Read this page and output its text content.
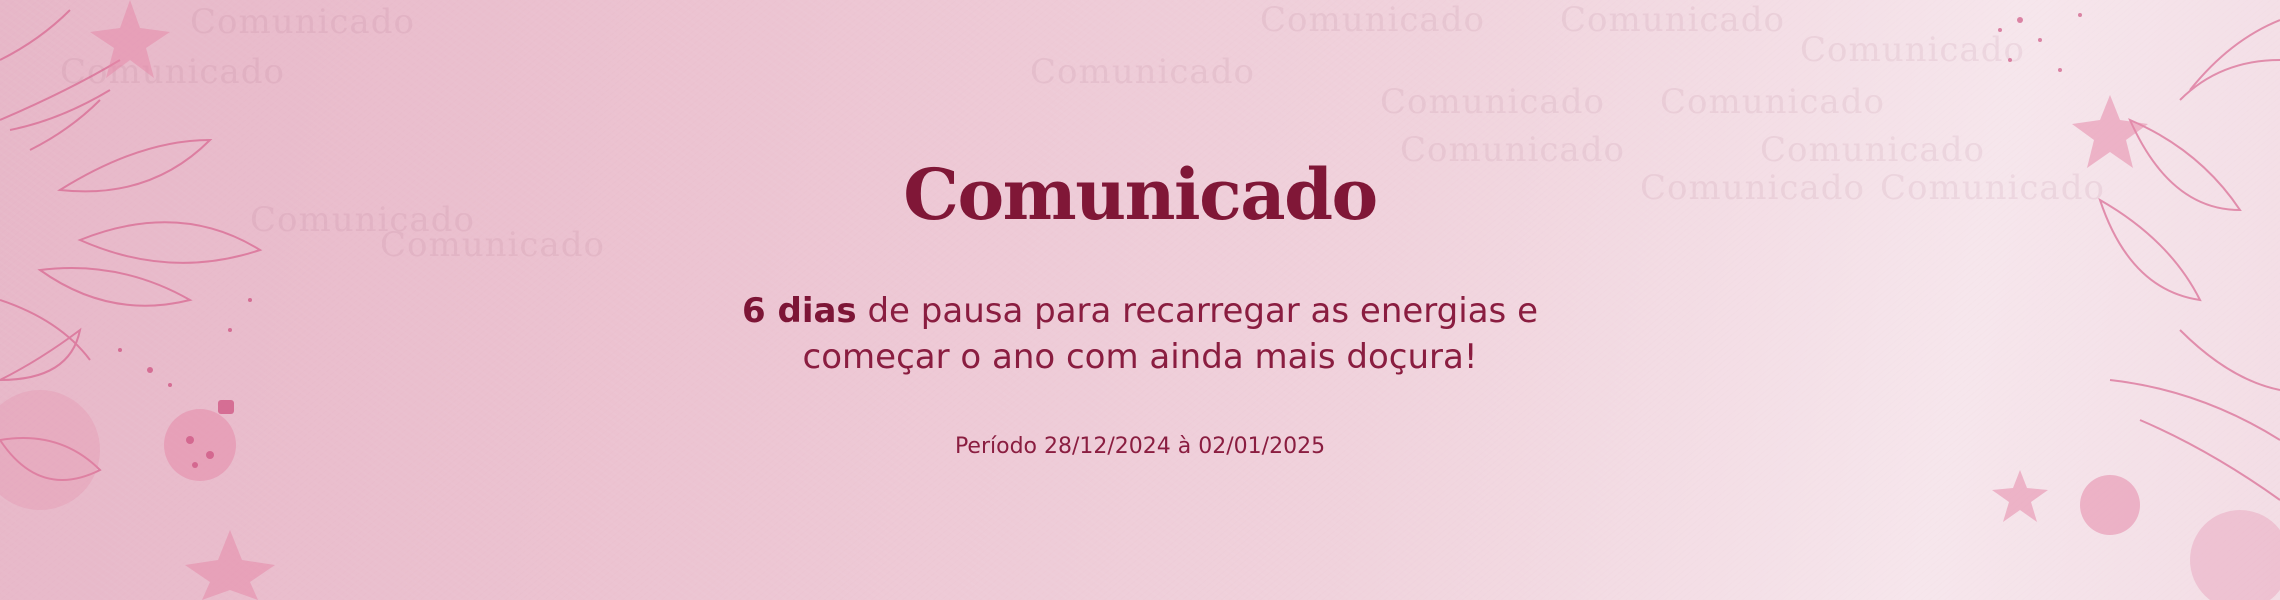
Comunicado
Comunicado
Comunicado Comunicado
Comunicado
Comunicado
Comunicado Comunicado
Comunicado	Comunicado
Comunicado Comunicado
Comunicado
Comunicado
Comunicado
6 dias de pausa para recarregar as energias e
começar o ano com ainda mais doçura!
Período 28/12/2024 à 02/01/2025
